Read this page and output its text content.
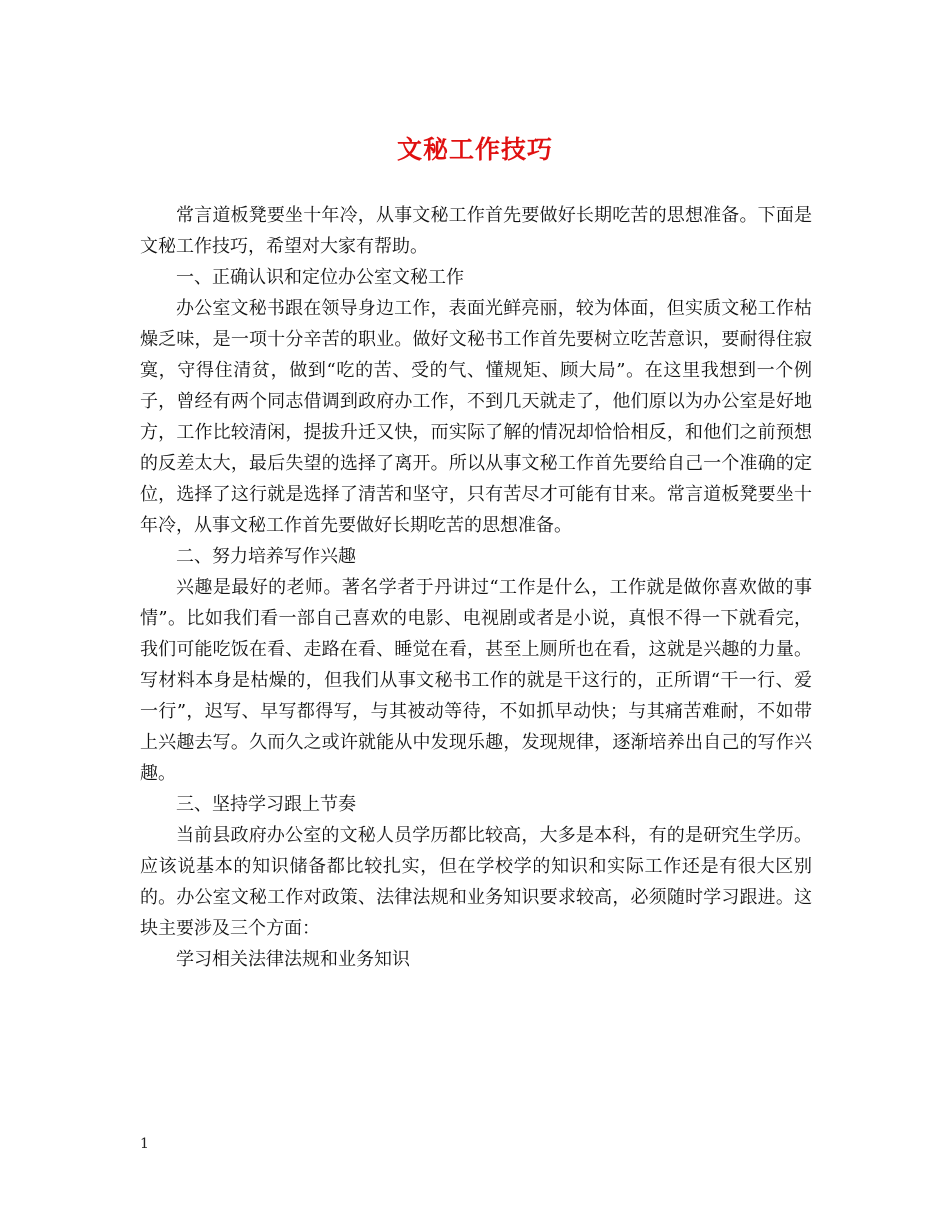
文秘工作技巧

常言道板凳要坐十年冷，从事文秘工作首先要做好长期吃苦的思想准备。下面是文秘工作技巧，希望对大家有帮助。

一、正确认识和定位办公室文秘工作

办公室文秘书跟在领导身边工作，表面光鲜亮丽，较为体面，但实质文秘工作枯燥乏味，是一项十分辛苦的职业。做好文秘书工作首先要树立吃苦意识，要耐得住寂寞，守得住清贫，做到“吃的苦、受的气、懂规矩、顾大局”。在这里我想到一个例子，曾经有两个同志借调到政府办工作，不到几天就走了，他们原以为办公室是好地方，工作比较清闲，提拔升迁又快，而实际了解的情况却恰恰相反，和他们之前预想的反差太大，最后失望的选择了离开。所以从事文秘工作首先要给自己一个准确的定位，选择了这行就是选择了清苦和坚守，只有苦尽才可能有甘来。常言道板凳要坐十年冷，从事文秘工作首先要做好长期吃苦的思想准备。

二、努力培养写作兴趣

兴趣是最好的老师。著名学者于丹讲过“工作是什么，工作就是做你喜欢做的事情”。比如我们看一部自己喜欢的电影、电视剧或者是小说，真恨不得一下就看完，我们可能吃饭在看、走路在看、睡觉在看，甚至上厕所也在看，这就是兴趣的力量。写材料本身是枯燥的，但我们从事文秘书工作的就是干这行的，正所谓“干一行、爱一行”，迟写、早写都得写，与其被动等待，不如抓早动快；与其痛苦难耐，不如带上兴趣去写。久而久之或许就能从中发现乐趣，发现规律，逐渐培养出自己的写作兴趣。

三、坚持学习跟上节奏

当前县政府办公室的文秘人员学历都比较高，大多是本科，有的是研究生学历。应该说基本的知识储备都比较扎实，但在学校学的知识和实际工作还是有很大区别的。办公室文秘工作对政策、法律法规和业务知识要求较高，必须随时学习跟进。这块主要涉及三个方面：

学习相关法律法规和业务知识

1
